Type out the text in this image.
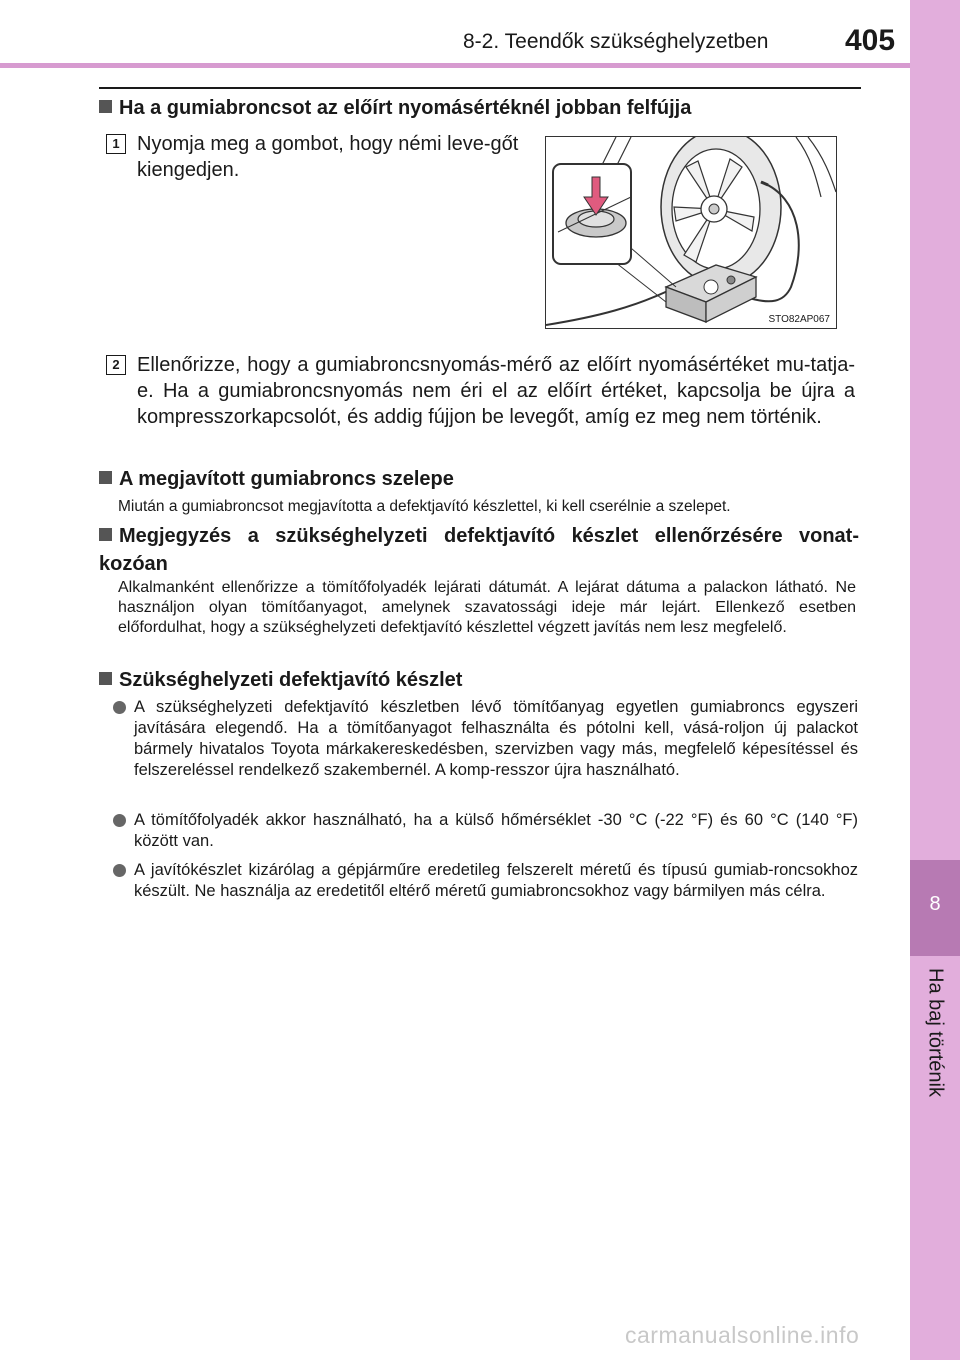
8-2. Teendők szükséghelyzetben	405
8
Ha baj történik
Ha a gumiabroncsot az előírt nyomásértéknél jobban felfújja
1 Nyomja meg a gombot, hogy némi leve-gőt kiengedjen.
STO82AP067
2 Ellenőrizze, hogy a gumiabroncsnyomás-mérő az előírt nyomásértéket mu-tatja-e. Ha a gumiabroncsnyomás nem éri el az előírt értéket, kapcsolja be újra a kompresszorkapcsolót, és addig fújjon be levegőt, amíg ez meg nem történik.
A megjavított gumiabroncs szelepe
Miután a gumiabroncsot megjavította a defektjavító készlettel, ki kell cserélnie a szelepet.
Megjegyzés a szükséghelyzeti defektjavító készlet ellenőrzésére vonat-kozóan
Alkalmanként ellenőrizze a tömítőfolyadék lejárati dátumát. A lejárat dátuma a palackon látható. Ne használjon olyan tömítőanyagot, amelynek szavatossági ideje már lejárt. Ellenkező esetben előfordulhat, hogy a szükséghelyzeti defektjavító készlettel végzett javítás nem lesz megfelelő.
Szükséghelyzeti defektjavító készlet
A szükséghelyzeti defektjavító készletben lévő tömítőanyag egyetlen gumiabroncs egyszeri javítására elegendő. Ha a tömítőanyagot felhasználta és pótolni kell, vásá-roljon új palackot bármely hivatalos Toyota márkakereskedésben, szervizben vagy más, megfelelő képesítéssel és felszereléssel rendelkező szakembernél. A komp-resszor újra használható.
A tömítőfolyadék akkor használható, ha a külső hőmérséklet -30 °C (-22 °F) és 60 °C (140 °F) között van.
A javítókészlet kizárólag a gépjárműre eredetileg felszerelt méretű és típusú gumiab-roncsokhoz készült. Ne használja az eredetitől eltérő méretű gumiabroncsokhoz vagy bármilyen más célra.
carmanualsonline.info
